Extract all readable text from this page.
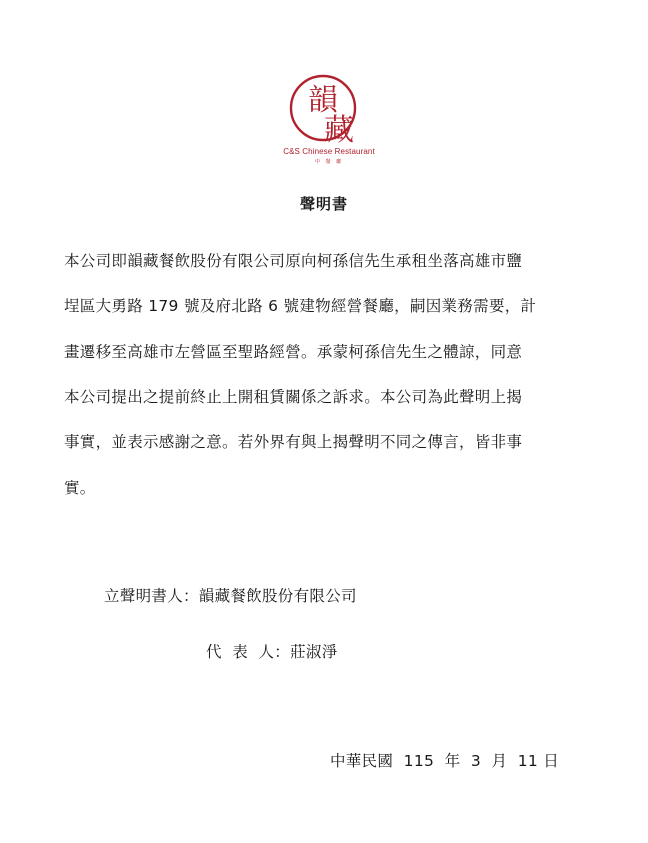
韻
藏
C&S Chinese Restaurant
中 餐 廳
聲明書
本公司即韻藏餐飲股份有限公司原向柯孫信先生承租坐落高雄市鹽
埕區大勇路 179 號及府北路 6 號建物經營餐廳，嗣因業務需要，計
畫遷移至高雄市左營區至聖路經營。承蒙柯孫信先生之體諒，同意
本公司提出之提前終止上開租賃關係之訴求。本公司為此聲明上揭
事實，並表示感謝之意。若外界有與上揭聲明不同之傳言，皆非事
實。
立聲明書人：韻藏餐飲股份有限公司
代  表  人：莊淑淨
中華民國  115  年  3  月  11 日
